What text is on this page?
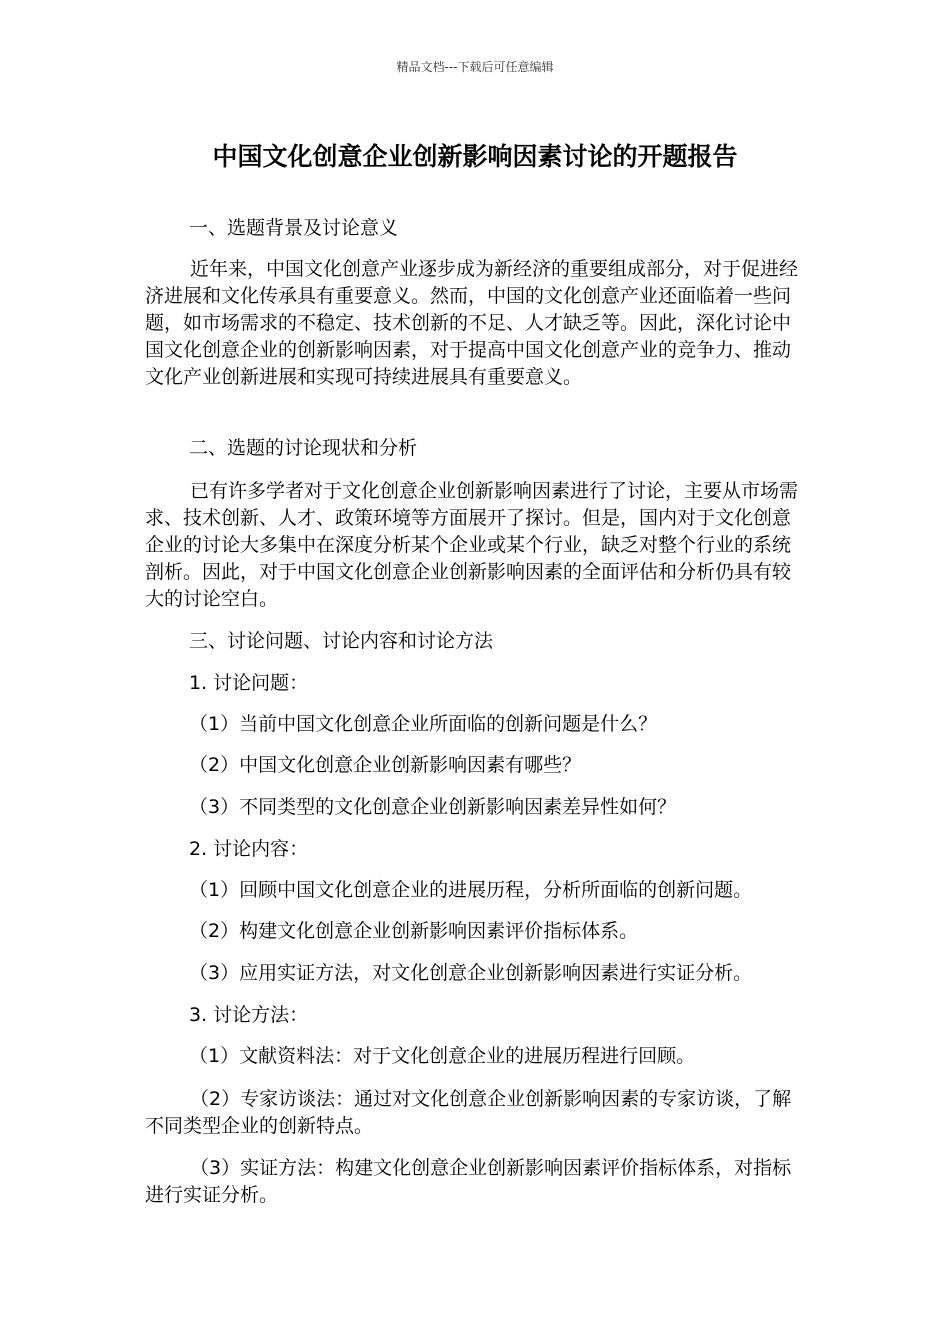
精品文档---下载后可任意编辑
中国文化创意企业创新影响因素讨论的开题报告

一、选题背景及讨论意义

近年来，中国文化创意产业逐步成为新经济的重要组成部分，对于促进经济进展和文化传承具有重要意义。然而，中国的文化创意产业还面临着一些问题，如市场需求的不稳定、技术创新的不足、人才缺乏等。因此，深化讨论中国文化创意企业的创新影响因素，对于提高中国文化创意产业的竞争力、推动文化产业创新进展和实现可持续进展具有重要意义。

二、选题的讨论现状和分析

已有许多学者对于文化创意企业创新影响因素进行了讨论，主要从市场需求、技术创新、人才、政策环境等方面展开了探讨。但是，国内对于文化创意企业的讨论大多集中在深度分析某个企业或某个行业，缺乏对整个行业的系统剖析。因此，对于中国文化创意企业创新影响因素的全面评估和分析仍具有较大的讨论空白。

三、讨论问题、讨论内容和讨论方法

1. 讨论问题：

（1）当前中国文化创意企业所面临的创新问题是什么？

（2）中国文化创意企业创新影响因素有哪些？

（3）不同类型的文化创意企业创新影响因素差异性如何？

2. 讨论内容：

（1）回顾中国文化创意企业的进展历程，分析所面临的创新问题。

（2）构建文化创意企业创新影响因素评价指标体系。

（3）应用实证方法，对文化创意企业创新影响因素进行实证分析。

3. 讨论方法：

（1）文献资料法：对于文化创意企业的进展历程进行回顾。

（2）专家访谈法：通过对文化创意企业创新影响因素的专家访谈，了解不同类型企业的创新特点。

（3）实证方法：构建文化创意企业创新影响因素评价指标体系，对指标进行实证分析。
